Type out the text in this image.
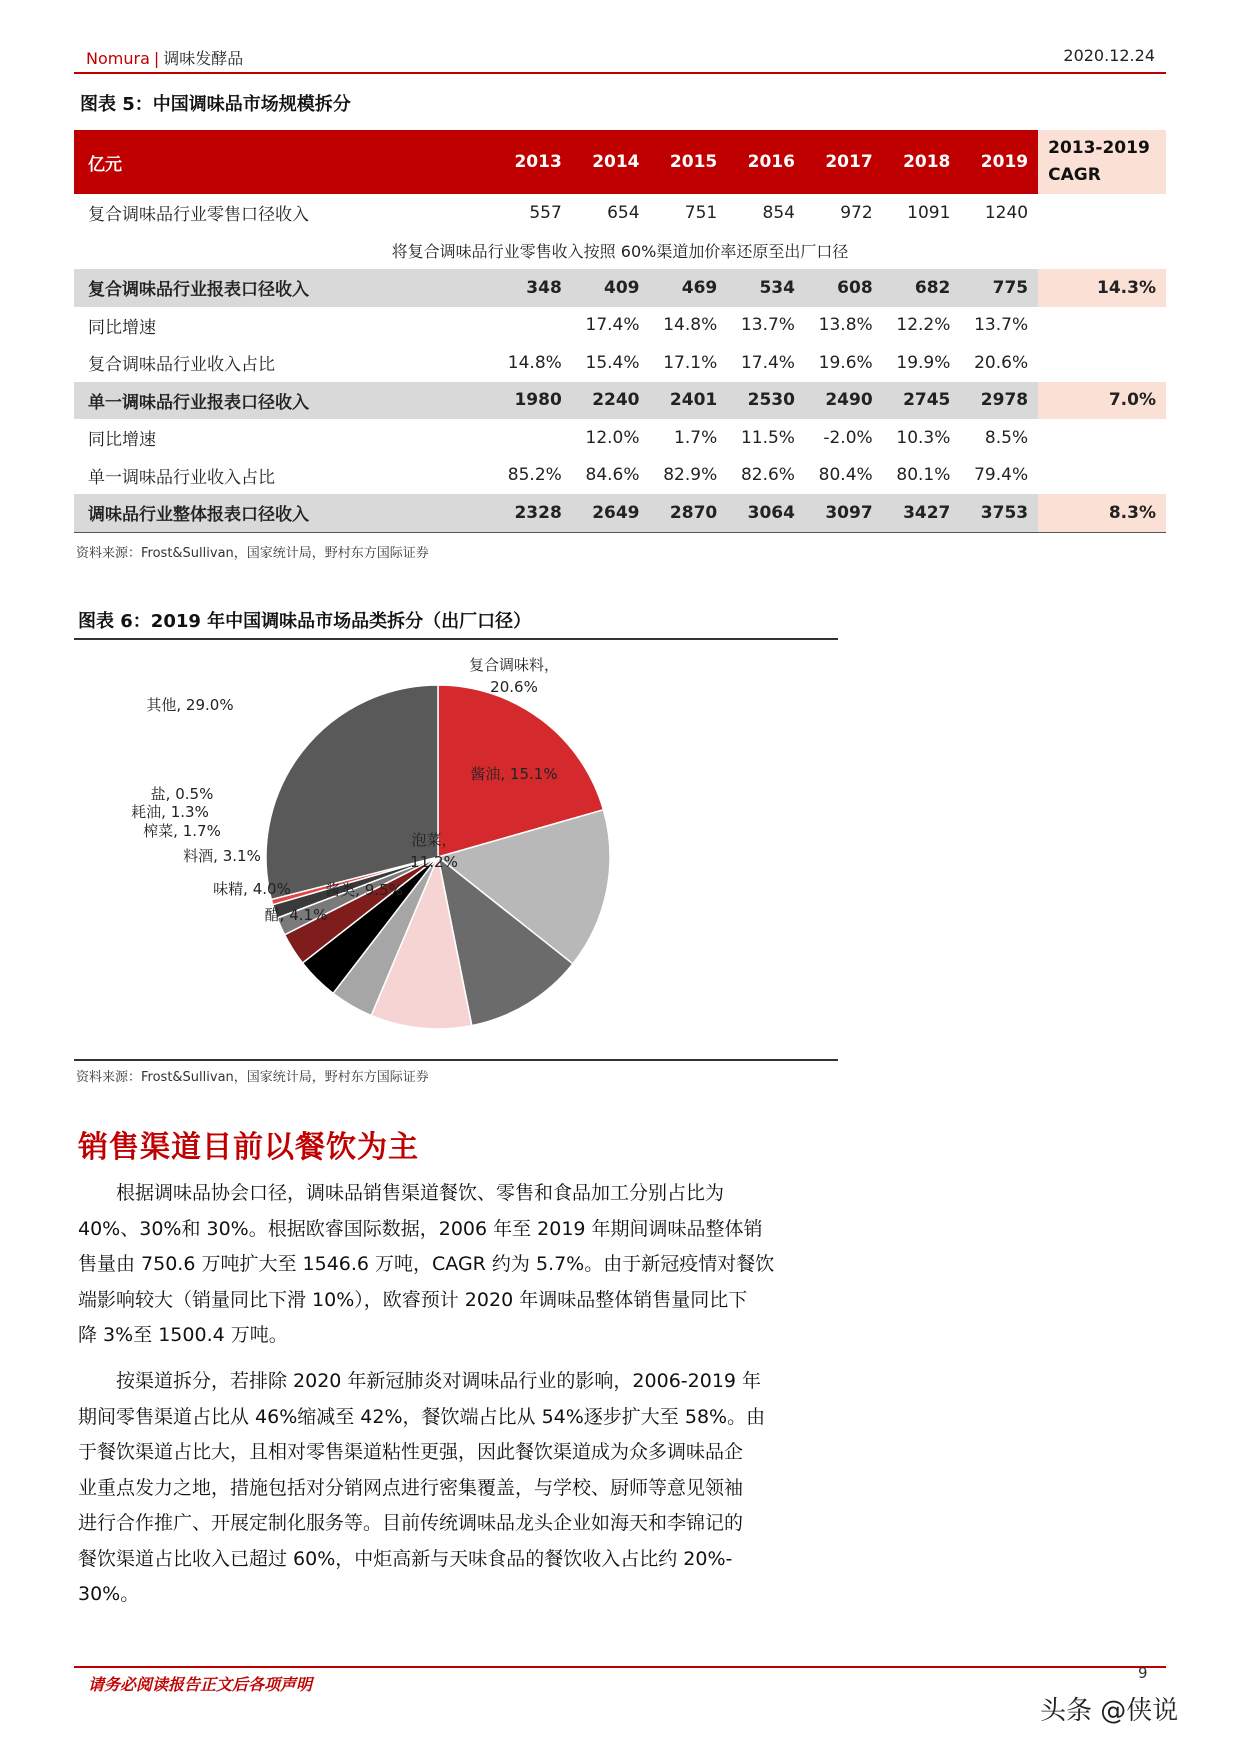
Nomura | 调味发酵品	2020.12.24
图表 5：中国调味品市场规模拆分
亿元	2013	2014	2015	2016	2017	2018	2019	2013-2019
CAGR

复合调味品行业零售口径收入	557	654	751	854	972	1091	1240	
将复合调味品行业零售收入按照 60%渠道加价率还原至出厂口径								
复合调味品行业报表口径收入	348	409	469	534	608	682	775	14.3%
同比增速		17.4%	14.8%	13.7%	13.8%	12.2%	13.7%	
复合调味品行业收入占比	14.8%	15.4%	17.1%	17.4%	19.6%	19.9%	20.6%	
单一调味品行业报表口径收入	1980	2240	2401	2530	2490	2745	2978	7.0%
同比增速		12.0%	1.7%	11.5%	-2.0%	10.3%	8.5%	
单一调味品行业收入占比	85.2%	84.6%	82.9%	82.6%	80.4%	80.1%	79.4%	
调味品行业整体报表口径收入	2328	2649	2870	3064	3097	3427	3753	8.3%
资料来源：Frost&Sullivan，国家统计局，野村东方国际证券
图表 6：2019 年中国调味品市场品类拆分（出厂口径）
复合调味料， 20.6%
酱油, 15.1%
泡菜， 11.2%
酱类, 9.5%
醋, 4.1%
味精, 4.0%
料酒, 3.1%
榨菜, 1.7%
耗油, 1.3%
盐, 0.5%
其他, 29.0%
资料来源：Frost&Sullivan，国家统计局，野村东方国际证券
销售渠道目前以餐饮为主
根据调味品协会口径，调味品销售渠道餐饮、零售和食品加工分别占比为
40%、30%和 30%。根据欧睿国际数据，2006 年至 2019 年期间调味品整体销
售量由 750.6 万吨扩大至 1546.6 万吨，CAGR 约为 5.7%。由于新冠疫情对餐饮
端影响较大（销量同比下滑 10%），欧睿预计 2020 年调味品整体销售量同比下
降 3%至 1500.4 万吨。
按渠道拆分，若排除 2020 年新冠肺炎对调味品行业的影响，2006-2019 年
期间零售渠道占比从 46%缩减至 42%，餐饮端占比从 54%逐步扩大至 58%。由
于餐饮渠道占比大，且相对零售渠道粘性更强，因此餐饮渠道成为众多调味品企
业重点发力之地，措施包括对分销网点进行密集覆盖，与学校、厨师等意见领袖
进行合作推广、开展定制化服务等。目前传统调味品龙头企业如海天和李锦记的
餐饮渠道占比收入已超过 60%，中炬高新与天味食品的餐饮收入占比约 20%-
30%。
请务必阅读报告正文后各项声明
9
头条 @侠说
